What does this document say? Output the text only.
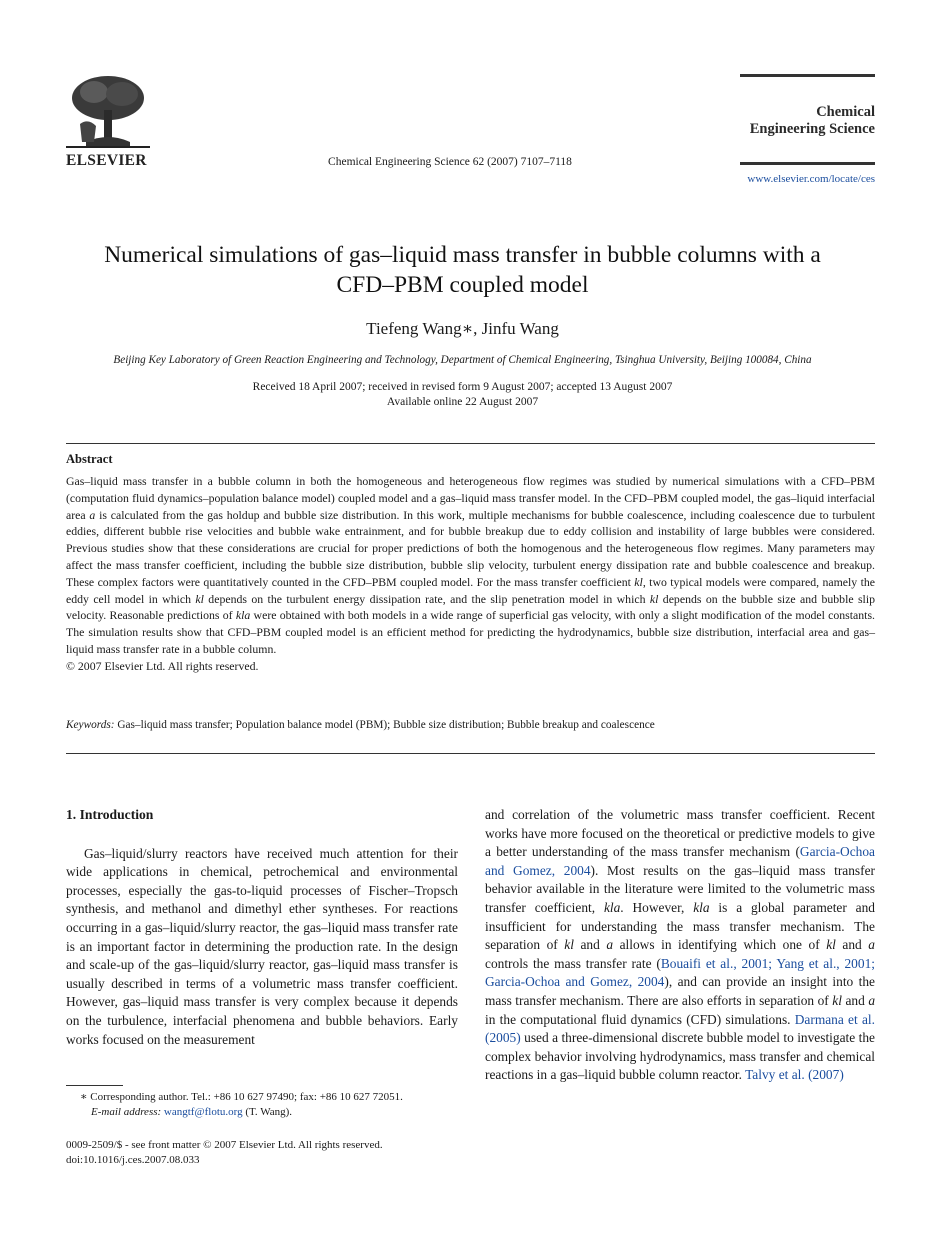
ELSEVIER	Chemical Engineering Science 62 (2007) 7107–7118
Chemical
Engineering Science
www.elsevier.com/locate/ces
Numerical simulations of gas–liquid mass transfer in bubble columns with a
CFD–PBM coupled model
Tiefeng Wang∗, Jinfu Wang
Beijing Key Laboratory of Green Reaction Engineering and Technology, Department of Chemical Engineering, Tsinghua University, Beijing 100084, China
Received 18 April 2007; received in revised form 9 August 2007; accepted 13 August 2007
Available online 22 August 2007
Abstract
Gas–liquid mass transfer in a bubble column in both the homogeneous and heterogeneous flow regimes was studied by numerical simulations with a CFD–PBM (computation fluid dynamics–population balance model) coupled model and a gas–liquid mass transfer model. In the CFD–PBM coupled model, the gas–liquid interfacial area a is calculated from the gas holdup and bubble size distribution. In this work, multiple mechanisms for bubble coalescence, including coalescence due to turbulent eddies, different bubble rise velocities and bubble wake entrainment, and for bubble breakup due to eddy collision and instability of large bubbles were considered. Previous studies show that these considerations are crucial for proper predictions of both the homogenous and the heterogeneous flow regimes. Many parameters may affect the mass transfer coefficient, including the bubble size distribution, bubble slip velocity, turbulent energy dissipation rate and bubble coalescence and breakup. These complex factors were quantitatively counted in the CFD–PBM coupled model. For the mass transfer coefficient kl, two typical models were compared, namely the eddy cell model in which kl depends on the turbulent energy dissipation rate, and the slip penetration model in which kl depends on the bubble size and bubble slip velocity. Reasonable predictions of kla were obtained with both models in a wide range of superficial gas velocity, with only a slight modification of the model constants. The simulation results show that CFD–PBM coupled model is an efficient method for predicting the hydrodynamics, bubble size distribution, interfacial area and gas–liquid mass transfer rate in a bubble column.
© 2007 Elsevier Ltd. All rights reserved.
Keywords: Gas–liquid mass transfer; Population balance model (PBM); Bubble size distribution; Bubble breakup and coalescence
1. Introduction

Gas–liquid/slurry reactors have received much attention for their wide applications in chemical, petrochemical and environmental processes, especially the gas-to-liquid processes of Fischer–Tropsch synthesis, and methanol and dimethyl ether syntheses. For reactions occurring in a gas–liquid/slurry reactor, the gas–liquid mass transfer rate is an important factor in determining the production rate. In the design and scale-up of the gas–liquid/slurry reactor, gas–liquid mass transfer is usually described in terms of a volumetric mass transfer coefficient. However, gas–liquid mass transfer is very complex because it depends on the turbulence, interfacial phenomena and bubble behaviors. Early works focused on the measurement

and correlation of the volumetric mass transfer coefficient. Recent works have more focused on the theoretical or predictive models to give a better understanding of the mass transfer mechanism (Garcia-Ochoa and Gomez, 2004). Most results on the gas–liquid mass transfer behavior available in the literature were limited to the volumetric mass transfer coefficient, kla. However, kla is a global parameter and insufficient for understanding the mass transfer mechanism. The separation of kl and a allows in identifying which one of kl and a controls the mass transfer rate (Bouaifi et al., 2001; Yang et al., 2001; Garcia-Ochoa and Gomez, 2004), and can provide an insight into the mass transfer mechanism. There are also efforts in separation of kl and a in the computational fluid dynamics (CFD) simulations. Darmana et al. (2005) used a three-dimensional discrete bubble model to investigate the complex behavior involving hydrodynamics, mass transfer and chemical reactions in a gas–liquid bubble column reactor. Talvy et al. (2007)

∗ Corresponding author. Tel.: +86 10 627 97490; fax: +86 10 627 72051.
E-mail address: wangtf@flotu.org (T. Wang).
0009-2509/$ - see front matter © 2007 Elsevier Ltd. All rights reserved.
doi:10.1016/j.ces.2007.08.033
